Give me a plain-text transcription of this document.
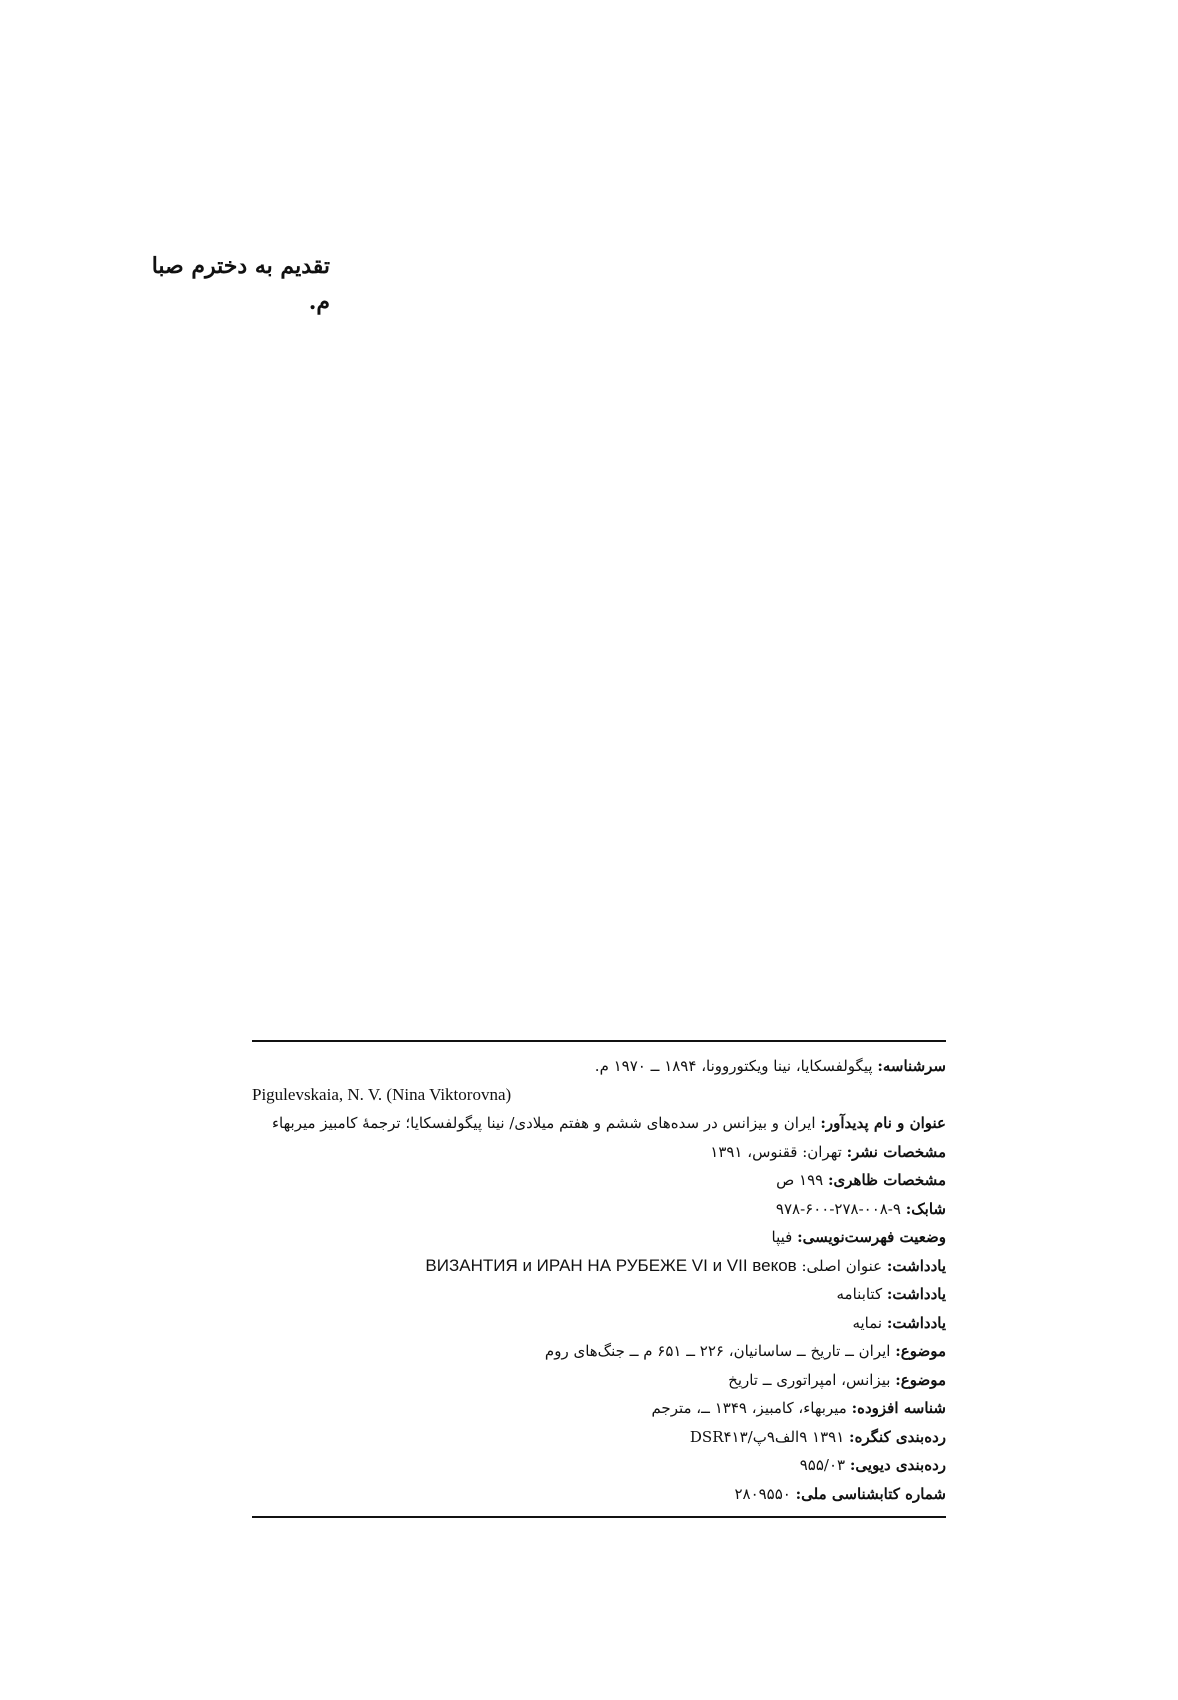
تقدیم به دخترم صبا
م.
سرشناسه: پیگولفسکایا، نینا ویکتوروونا، ۱۸۹۴ ــ ۱۹۷۰ م.
Pigulevskaia, N. V. (Nina Viktorovna)
عنوان و نام پدیدآور: ایران و بیزانس در سده‌های ششم و هفتم میلادی/ نینا پیگولفسکایا؛ ترجمهٔ کامبیز میربهاء
مشخصات نشر: تهران: ققنوس، ۱۳۹۱
مشخصات ظاهری: ۱۹۹ ص
شابک: ۹۷۸-۶۰۰-۲۷۸-۰۰۸-۹
وضعیت فهرست‌نویسی: فیپا
یادداشت: عنوان اصلی: ВИЗАНТИЯ и ИРАН НА РУБЕЖЕ VI и VII веков
یادداشت: کتابنامه
یادداشت: نمایه
موضوع: ایران ــ تاریخ ــ ساسانیان، ۲۲۶ ــ ۶۵۱ م ــ جنگ‌های روم
موضوع: بیزانس، امپراتوری ــ تاریخ
شناسه افزوده: میربهاء، کامبیز، ۱۳۴۹ ــ، مترجم
رده‌بندی کنگره: ۱۳۹۱ ۹الف۹پ/DSR۴۱۳
رده‌بندی دیویی: ۹۵۵/۰۳
شماره کتابشناسی ملی: ۲۸۰۹۵۵۰
